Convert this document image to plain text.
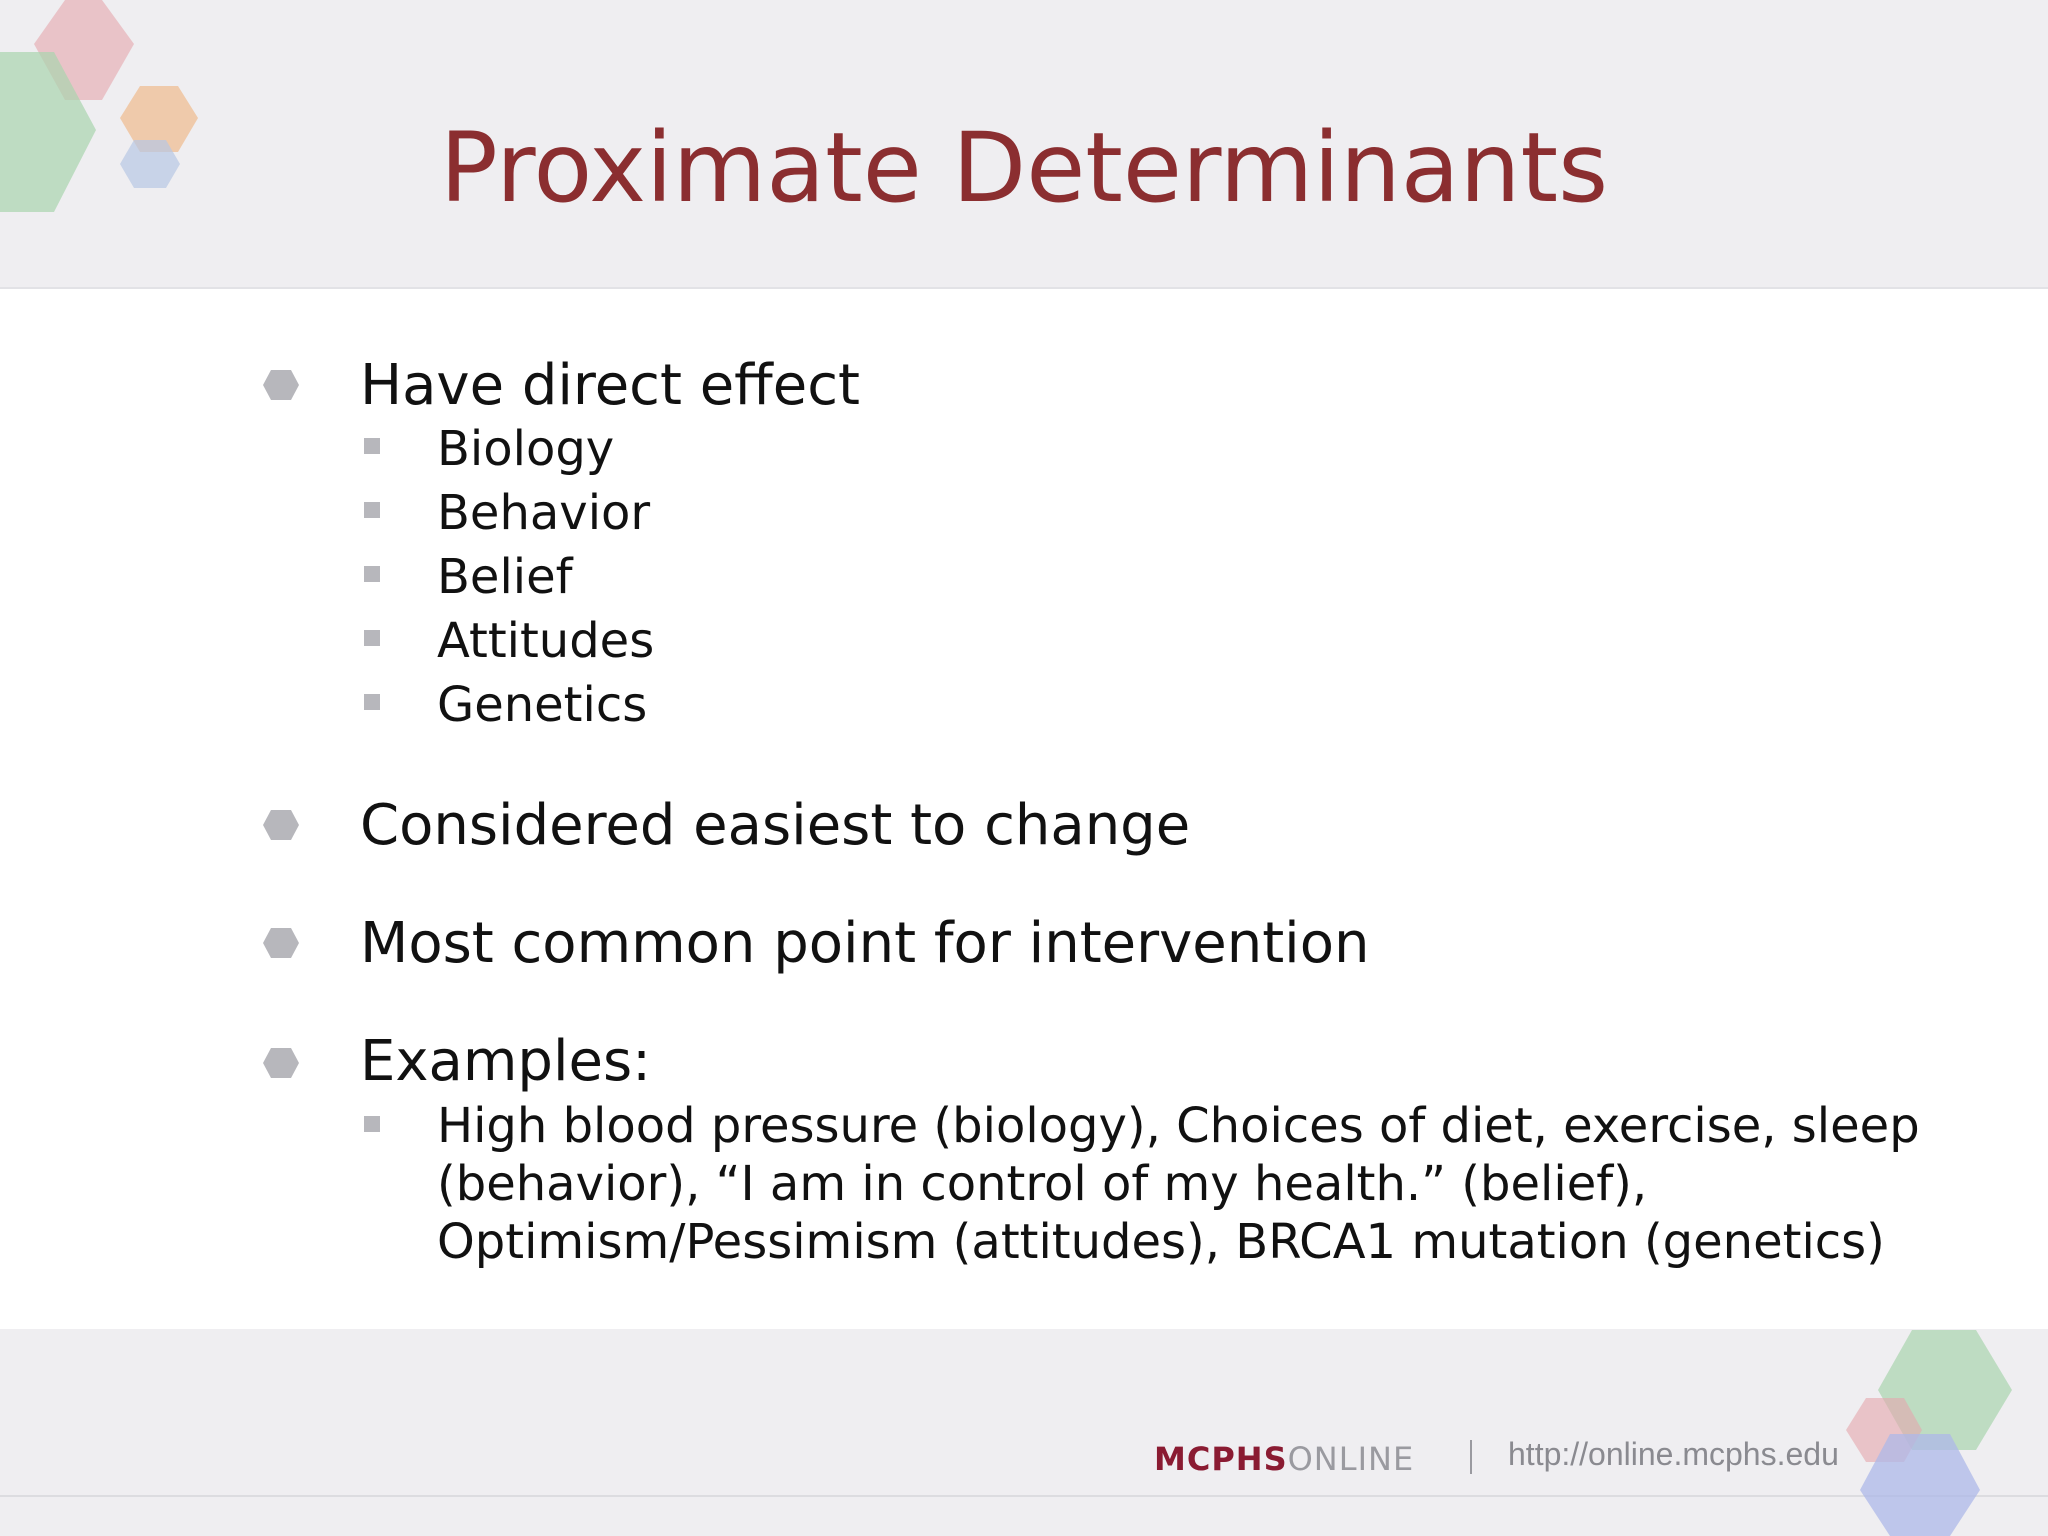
Proximate Determinants
Have direct effect
Biology
Behavior
Belief
Attitudes
Genetics
Considered easiest to change
Most common point for intervention
Examples:
High blood pressure (biology), Choices of diet, exercise, sleep
(behavior), “I am in control of my health.” (belief),
Optimism/Pessimism (attitudes), BRCA1 mutation (genetics)
MCPHSONLINE	http://online.mcphs.edu
